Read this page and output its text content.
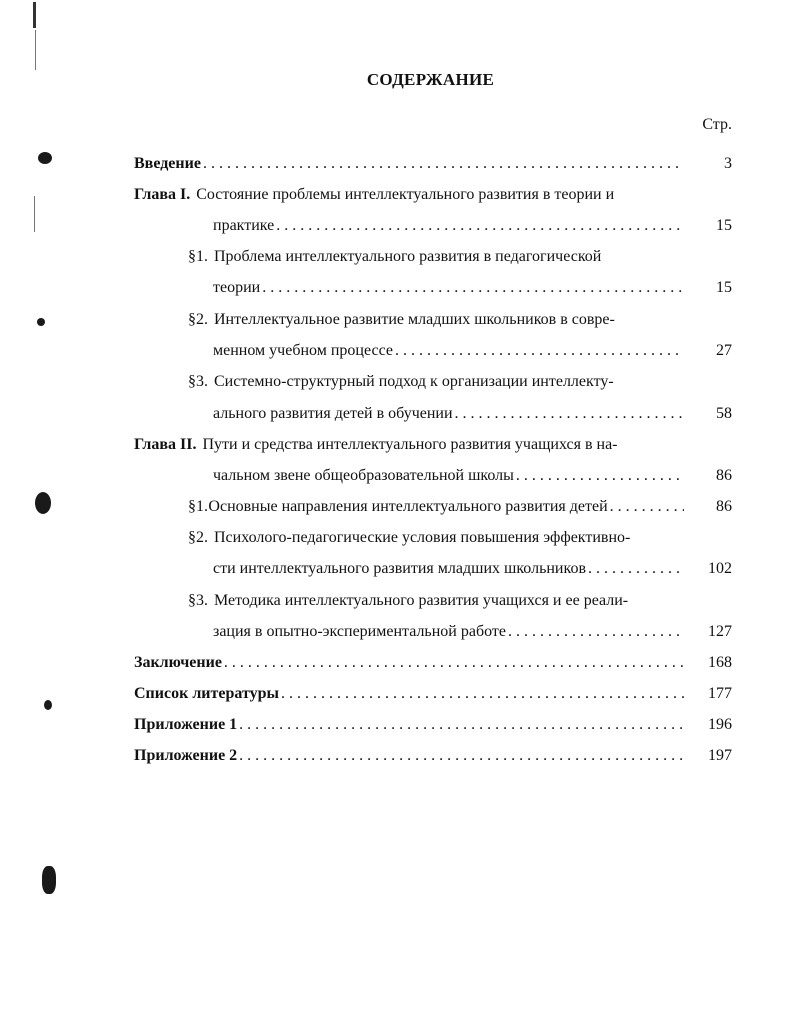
СОДЕРЖАНИЕ
Стр.
Введение . . .	3
Глава I. Состояние проблемы интеллектуального развития в теории и
практике . . .	15
§1. Проблема интеллектуального развития в педагогической
теории . . .	15
§2. Интеллектуальное развитие младших школьников в совре-
менном учебном процессе . . .	27
§3. Системно-структурный подход к организации интеллекту-
ального развития детей в обучении . . .	58
Глава II. Пути и средства интеллектуального развития учащихся в на-
чальном звене общеобразовательной школы . . .	86
§1. Основные направления интеллектуального развития детей . . .	86
§2. Психолого-педагогические условия повышения эффективно-
сти интеллектуального развития младших школьников . . .	102
§3. Методика интеллектуального развития учащихся и ее реали-
зация в опытно-экспериментальной работе . . .	127
Заключение . . .	168
Список литературы . . .	177
Приложение 1 . . .	196
Приложение 2 . . .	197
